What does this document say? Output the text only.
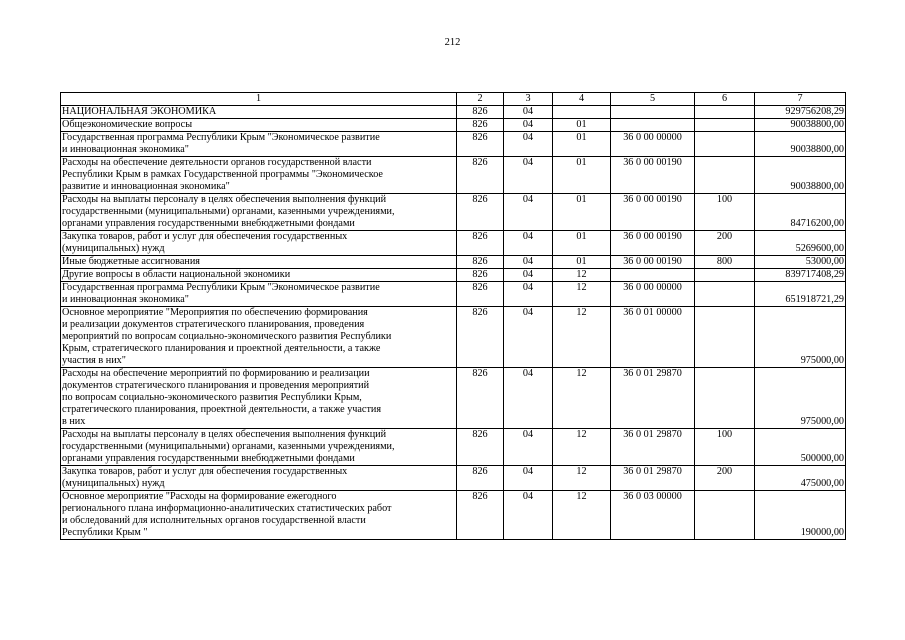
212
1	2	3	4	5	6	7
НАЦИОНАЛЬНАЯ ЭКОНОМИКА	826	04				929756208,29
Общеэкономические вопросы	826	04	01			90038800,00
Государственная программа Республики Крым "Экономическое развитие
и инновационная экономика"	826	04	01	36 0 00 00000		90038800,00
Расходы на обеспечение деятельности органов государственной власти
Республики Крым в рамках Государственной программы "Экономическое
развитие и инновационная экономика"	826	04	01	36 0 00 00190		90038800,00
Расходы на выплаты персоналу в целях обеспечения выполнения функций
государственными (муниципальными) органами, казенными учреждениями,
органами управления государственными внебюджетными фондами	826	04	01	36 0 00 00190	100	84716200,00
Закупка товаров, работ и услуг для обеспечения государственных
(муниципальных) нужд	826	04	01	36 0 00 00190	200	5269600,00
Иные бюджетные ассигнования	826	04	01	36 0 00 00190	800	53000,00
Другие вопросы в области национальной экономики	826	04	12			839717408,29
Государственная программа Республики Крым "Экономическое развитие
и инновационная экономика"	826	04	12	36 0 00 00000		651918721,29
Основное мероприятие "Мероприятия по обеспечению формирования
и реализации документов стратегического планирования, проведения
мероприятий по вопросам социально-экономического развития Республики
Крым, стратегического планирования и проектной деятельности, а также
участия в них"	826	04	12	36 0 01 00000		975000,00
Расходы на обеспечение мероприятий по формированию и реализации
документов стратегического планирования и проведения мероприятий
по вопросам социально-экономического развития Республики Крым,
стратегического планирования, проектной деятельности, а также участия
в них	826	04	12	36 0 01 29870		975000,00
Расходы на выплаты персоналу в целях обеспечения выполнения функций
государственными (муниципальными) органами, казенными учреждениями,
органами управления государственными внебюджетными фондами	826	04	12	36 0 01 29870	100	500000,00
Закупка товаров, работ и услуг для обеспечения государственных
(муниципальных) нужд	826	04	12	36 0 01 29870	200	475000,00
Основное мероприятие "Расходы на формирование ежегодного
регионального плана информационно-аналитических статистических работ
и обследований для исполнительных органов государственной власти
Республики Крым "	826	04	12	36 0 03 00000		190000,00
